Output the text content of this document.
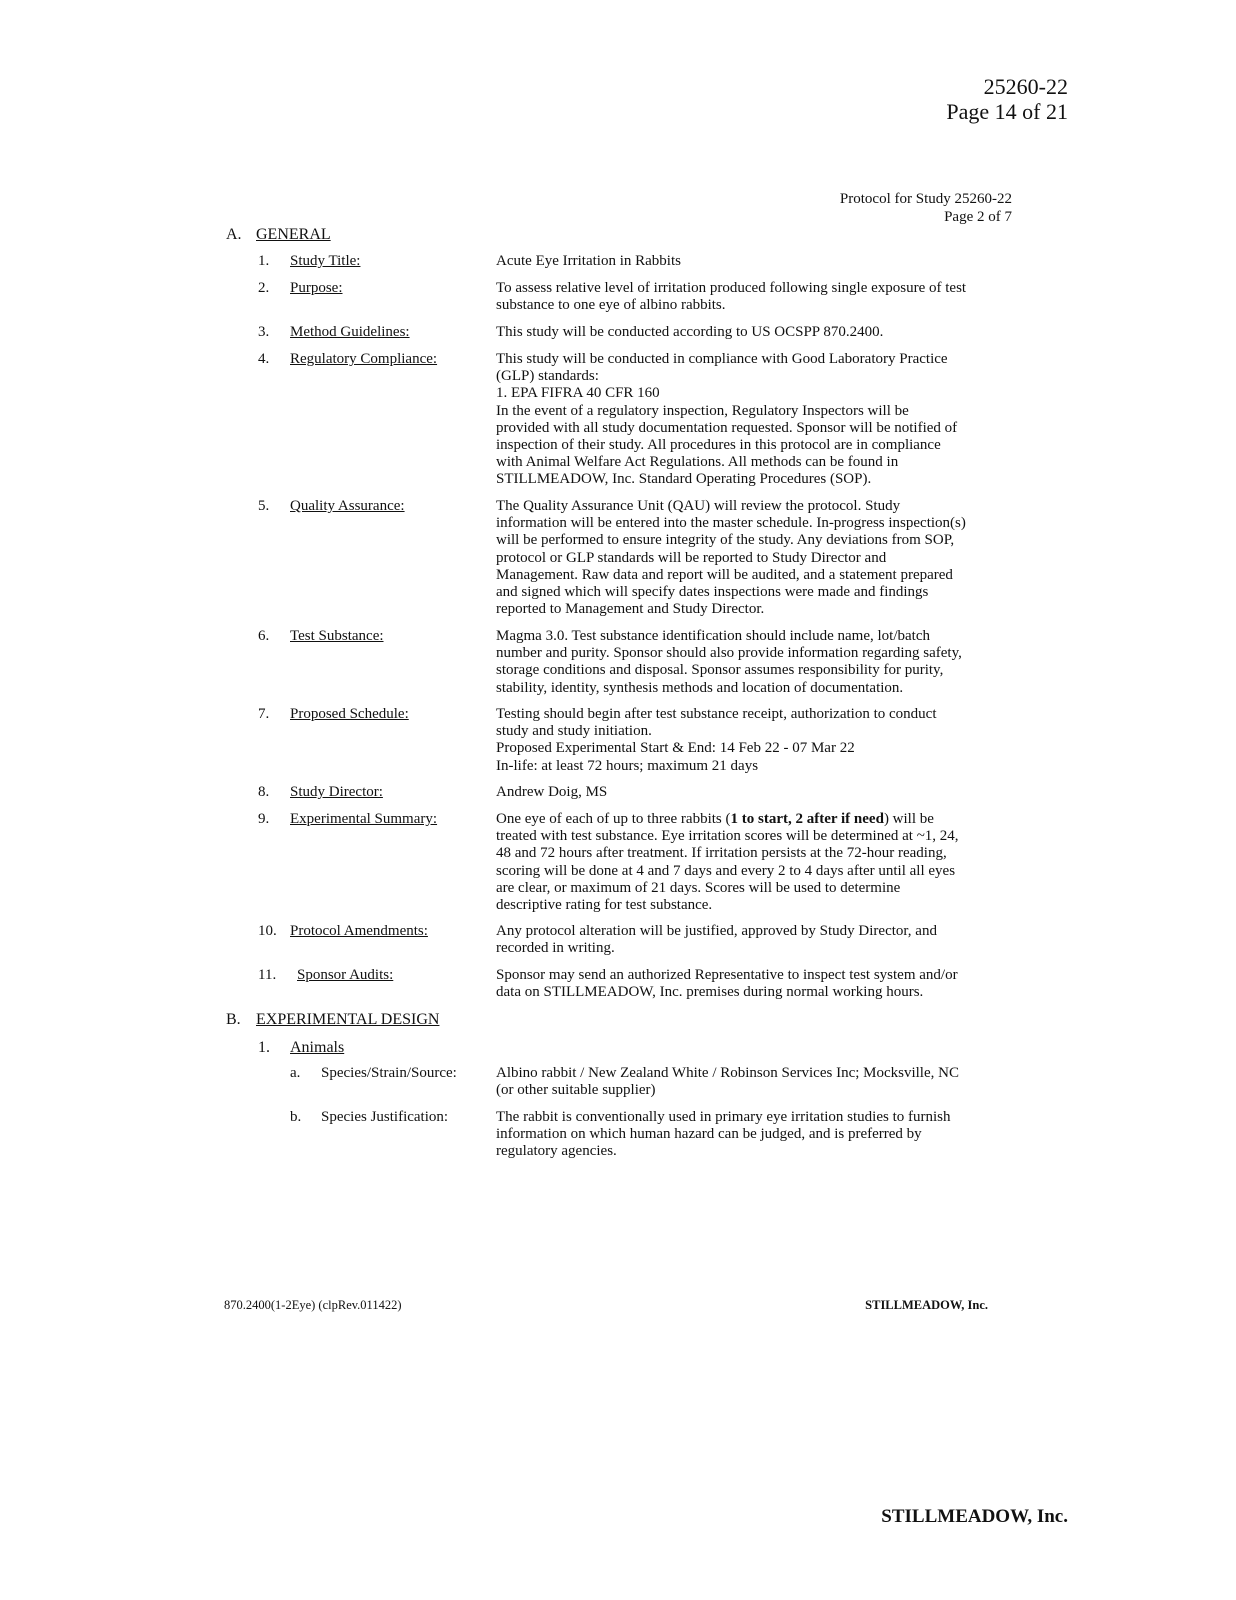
25260-22
Page 14 of 21
Protocol for Study 25260-22
Page 2 of 7
A. GENERAL
1. Study Title:	Acute Eye Irritation in Rabbits
2. Purpose:	To assess relative level of irritation produced following single exposure of test
substance to one eye of albino rabbits.
3. Method Guidelines:	This study will be conducted according to US OCSPP 870.2400.
4. Regulatory Compliance:	This study will be conducted in compliance with Good Laboratory Practice
(GLP) standards:
1. EPA FIFRA 40 CFR 160
In the event of a regulatory inspection, Regulatory Inspectors will be
provided with all study documentation requested. Sponsor will be notified of
inspection of their study. All procedures in this protocol are in compliance
with Animal Welfare Act Regulations. All methods can be found in
STILLMEADOW, Inc. Standard Operating Procedures (SOP).
5. Quality Assurance:	The Quality Assurance Unit (QAU) will review the protocol. Study
information will be entered into the master schedule. In-progress inspection(s)
will be performed to ensure integrity of the study. Any deviations from SOP,
protocol or GLP standards will be reported to Study Director and
Management. Raw data and report will be audited, and a statement prepared
and signed which will specify dates inspections were made and findings
reported to Management and Study Director.
6. Test Substance:	Magma 3.0. Test substance identification should include name, lot/batch
number and purity. Sponsor should also provide information regarding safety,
storage conditions and disposal. Sponsor assumes responsibility for purity,
stability, identity, synthesis methods and location of documentation.
7. Proposed Schedule:	Testing should begin after test substance receipt, authorization to conduct
study and study initiation.
Proposed Experimental Start & End: 14 Feb 22 - 07 Mar 22
In-life: at least 72 hours; maximum 21 days
8. Study Director:	Andrew Doig, MS
9. Experimental Summary:	One eye of each of up to three rabbits (1 to start, 2 after if need) will be
treated with test substance. Eye irritation scores will be determined at ~1, 24,
48 and 72 hours after treatment. If irritation persists at the 72-hour reading,
scoring will be done at 4 and 7 days and every 2 to 4 days after until all eyes
are clear, or maximum of 21 days. Scores will be used to determine
descriptive rating for test substance.
10. Protocol Amendments:	Any protocol alteration will be justified, approved by Study Director, and
recorded in writing.
11. Sponsor Audits:	Sponsor may send an authorized Representative to inspect test system and/or
data on STILLMEADOW, Inc. premises during normal working hours.
B. EXPERIMENTAL DESIGN
1. Animals
a. Species/Strain/Source:	Albino rabbit / New Zealand White / Robinson Services Inc; Mocksville, NC
(or other suitable supplier)
b. Species Justification:	The rabbit is conventionally used in primary eye irritation studies to furnish
information on which human hazard can be judged, and is preferred by
regulatory agencies.
870.2400(1-2Eye) (clpRev.011422)	STILLMEADOW, Inc.
STILLMEADOW, Inc.
